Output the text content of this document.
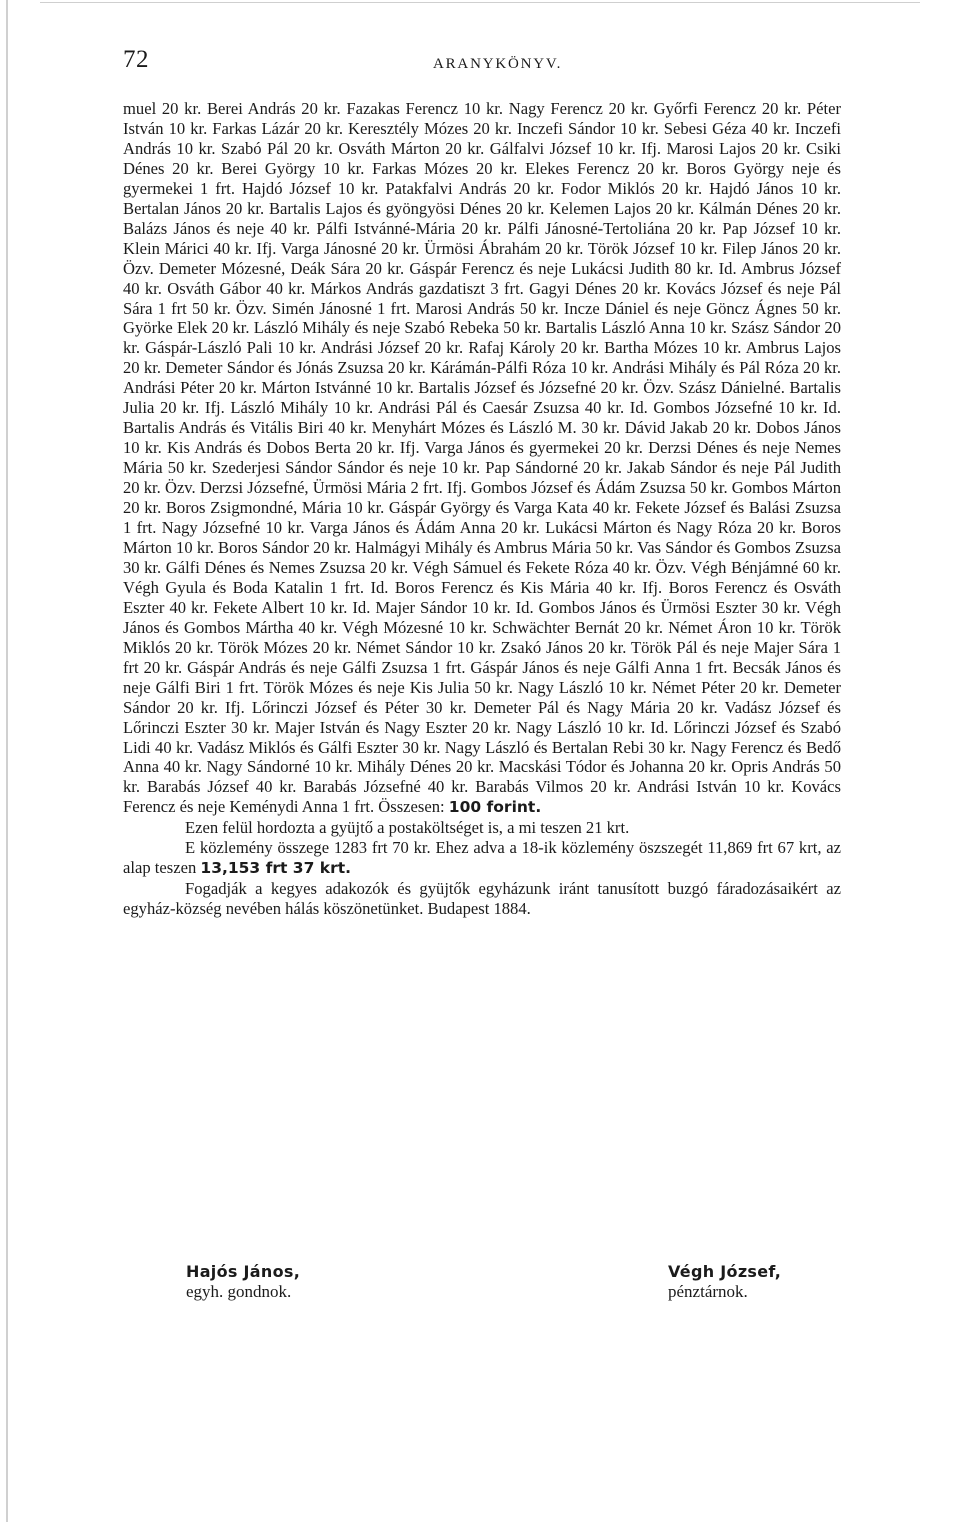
72	ARANYKÖNYV.

muel 20 kr. Berei András 20 kr. Fazakas Ferencz 10 kr. Nagy Ferencz 20 kr. Győrfi Ferencz 20 kr. Péter István 10 kr. Farkas Lázár 20 kr. Keresztély Mózes 20 kr. Inczefi Sándor 10 kr. Sebesi Géza 40 kr. Inczefi András 10 kr. Szabó Pál 20 kr. Osváth Márton 20 kr. Gálfalvi József 10 kr. Ifj. Marosi Lajos 20 kr. Csiki Dénes 20 kr. Berei György 10 kr. Farkas Mózes 20 kr. Elekes Ferencz 20 kr. Boros György neje és gyermekei 1 frt. Hajdó József 10 kr. Patakfalvi András 20 kr. Fodor Miklós 20 kr. Hajdó János 10 kr. Bertalan János 20 kr. Bartalis Lajos és gyöngyösi Dénes 20 kr. Kelemen Lajos 20 kr. Kálmán Dénes 20 kr. Balázs János és neje 40 kr. Pálfi Istvánné-Mária 20 kr. Pálfi Jánosné-Tertoliána 20 kr. Pap József 10 kr. Klein Márici 40 kr. Ifj. Varga Jánosné 20 kr. Ürmösi Ábrahám 20 kr. Török József 10 kr. Filep János 20 kr. Özv. Demeter Mózesné, Deák Sára 20 kr. Gáspár Ferencz és neje Lukácsi Judith 80 kr. Id. Ambrus József 40 kr. Osváth Gábor 40 kr. Márkos András gazdatiszt 3 frt. Gagyi Dénes 20 kr. Kovács József és neje Pál Sára 1 frt 50 kr. Özv. Simén Jánosné 1 frt. Marosi András 50 kr. Incze Dániel és neje Göncz Ágnes 50 kr. Györke Elek 20 kr. László Mihály és neje Szabó Rebeka 50 kr. Bartalis László Anna 10 kr. Szász Sándor 20 kr. Gáspár-László Pali 10 kr. Andrási József 20 kr. Rafaj Károly 20 kr. Bartha Mózes 10 kr. Ambrus Lajos 20 kr. Demeter Sándor és Jónás Zsuzsa 20 kr. Kárámán-Pálfi Róza 10 kr. Andrási Mihály és Pál Róza 20 kr. Andrási Péter 20 kr. Márton Istvánné 10 kr. Bartalis József és Józsefné 20 kr. Özv. Szász Dánielné. Bartalis Julia 20 kr. Ifj. László Mihály 10 kr. Andrási Pál és Caesár Zsuzsa 40 kr. Id. Gombos Józsefné 10 kr. Id. Bartalis András és Vitális Biri 40 kr. Menyhárt Mózes és László M. 30 kr. Dávid Jakab 20 kr. Dobos János 10 kr. Kis András és Dobos Berta 20 kr. Ifj. Varga János és gyermekei 20 kr. Derzsi Dénes és neje Nemes Mária 50 kr. Szederjesi Sándor Sándor és neje 10 kr. Pap Sándorné 20 kr. Jakab Sándor és neje Pál Judith 20 kr. Özv. Derzsi Józsefné, Ürmösi Mária 2 frt. Ifj. Gombos József és Ádám Zsuzsa 50 kr. Gombos Márton 20 kr. Boros Zsigmondné, Mária 10 kr. Gáspár György és Varga Kata 40 kr. Fekete József és Balási Zsuzsa 1 frt. Nagy Józsefné 10 kr. Varga János és Ádám Anna 20 kr. Lukácsi Márton és Nagy Róza 20 kr. Boros Márton 10 kr. Boros Sándor 20 kr. Halmágyi Mihály és Ambrus Mária 50 kr. Vas Sándor és Gombos Zsuzsa 30 kr. Gálfi Dénes és Nemes Zsuzsa 20 kr. Végh Sámuel és Fekete Róza 40 kr. Özv. Végh Bénjámné 60 kr. Végh Gyula és Boda Katalin 1 frt. Id. Boros Ferencz és Kis Mária 40 kr. Ifj. Boros Ferencz és Osváth Eszter 40 kr. Fekete Albert 10 kr. Id. Majer Sándor 10 kr. Id. Gombos János és Ürmösi Eszter 30 kr. Végh János és Gombos Mártha 40 kr. Végh Mózesné 10 kr. Schwächter Bernát 20 kr. Német Áron 10 kr. Török Miklós 20 kr. Török Mózes 20 kr. Német Sándor 10 kr. Zsakó János 20 kr. Török Pál és neje Majer Sára 1 frt 20 kr. Gáspár András és neje Gálfi Zsuzsa 1 frt. Gáspár János és neje Gálfi Anna 1 frt. Becsák János és neje Gálfi Biri 1 frt. Török Mózes és neje Kis Julia 50 kr. Nagy László 10 kr. Német Péter 20 kr. Demeter Sándor 20 kr. Ifj. Lőrinczi József és Péter 30 kr. Demeter Pál és Nagy Mária 20 kr. Vadász József és Lőrinczi Eszter 30 kr. Majer István és Nagy Eszter 20 kr. Nagy László 10 kr. Id. Lőrinczi József és Szabó Lidi 40 kr. Vadász Miklós és Gálfi Eszter 30 kr. Nagy László és Bertalan Rebi 30 kr. Nagy Ferencz és Bedő Anna 40 kr. Nagy Sándorné 10 kr. Mihály Dénes 20 kr. Macskási Tódor és Johanna 20 kr. Opris András 50 kr. Barabás József 40 kr. Barabás Józsefné 40 kr. Barabás Vilmos 20 kr. Andrási István 10 kr. Kovács Ferencz és neje Keménydi Anna 1 frt. Összesen: 100 forint.

Ezen felül hordozta a gyüjtő a postaköltséget is, a mi teszen 21 krt.

E közlemény összege 1283 frt 70 kr. Ehez adva a 18-ik közlemény öszszegét 11,869 frt 67 krt, az alap teszen 13,153 frt 37 krt.

Fogadják a kegyes adakozók és gyüjtők egyházunk iránt tanusított buzgó fáradozásaikért az egyház-község nevében hálás köszönetünket. Budapest 1884.

Hajós János,
egyh. gondnok.
Végh József,
pénztárnok.
